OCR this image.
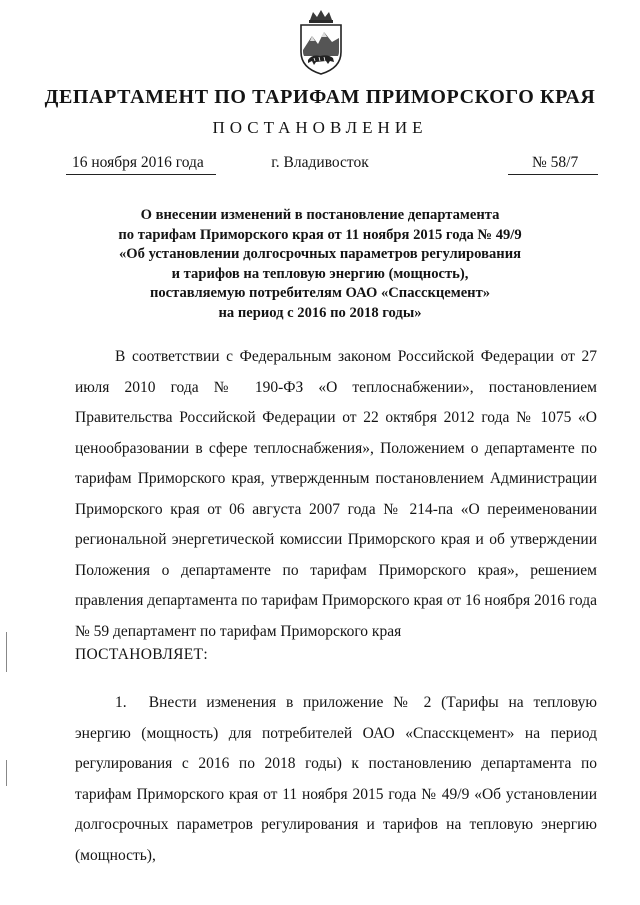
ДЕПАРТАМЕНТ ПО ТАРИФАМ ПРИМОРСКОГО КРАЯ
ПОСТАНОВЛЕНИЕ
16 ноября 2016 года	г. Владивосток	№ 58/7
О внесении изменений в постановление департамента
по тарифам Приморского края от 11 ноября 2015 года № 49/9
«Об установлении долгосрочных параметров регулирования
и тарифов на тепловую энергию (мощность),
поставляемую потребителям ОАО «Спасскцемент»
на период с 2016 по 2018 годы»
В соответствии с Федеральным законом Российской Федерации от 27 июля 2010 года № 190-ФЗ «О теплоснабжении», постановлением Правительства Российской Федерации от 22 октября 2012 года № 1075 «О ценообразовании в сфере теплоснабжения», Положением о департаменте по тарифам Приморского края, утвержденным постановлением Администрации Приморского края от 06 августа 2007 года № 214-па «О переименовании региональной энергетической комиссии Приморского края и об утверждении Положения о департаменте по тарифам Приморского края», решением правления департамента по тарифам Приморского края от 16 ноября 2016 года № 59 департамент по тарифам Приморского края
ПОСТАНОВЛЯЕТ:
1. Внести изменения в приложение № 2 (Тарифы на тепловую энергию (мощность) для потребителей ОАО «Спасскцемент» на период регулирования с 2016 по 2018 годы) к постановлению департамента по тарифам Приморского края от 11 ноября 2015 года № 49/9 «Об установлении долгосрочных параметров регулирования и тарифов на тепловую энергию (мощность),
